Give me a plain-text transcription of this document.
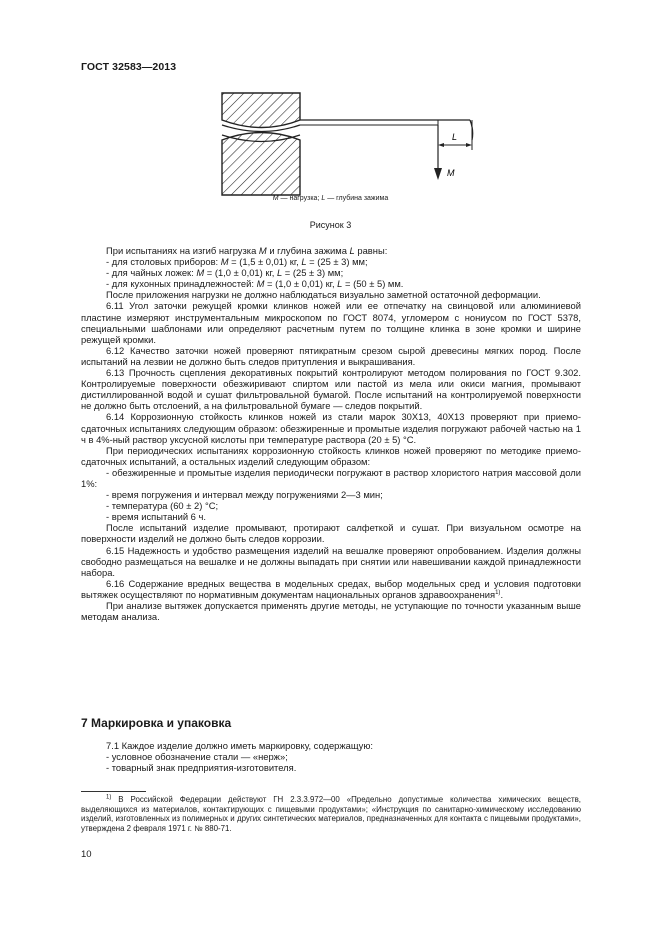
ГОСТ 32583—2013
L
M
M — нагрузка; L — глубина зажима
Рисунок 3

При испытаниях на изгиб нагрузка M и глубина зажима L равны:

- для столовых приборов: M = (1,5 ± 0,01) кг, L = (25 ± 3) мм;

- для чайных ложек: M = (1,0 ± 0,01) кг, L = (25 ± 3) мм;

- для кухонных принадлежностей: M = (1,0 ± 0,01) кг, L = (50 ± 5) мм.

После приложения нагрузки не должно наблюдаться визуально заметной остаточной деформации.

6.11 Угол заточки режущей кромки клинков ножей или ее отпечатку на свинцовой или алюминиевой пластине измеряют инструментальным микроскопом по ГОСТ 8074, угломером с нониусом по ГОСТ 5378, специальными шаблонами или определяют расчетным путем по толщине клинка в зоне кромки и ширине режущей кромки.

6.12 Качество заточки ножей проверяют пятикратным срезом сырой древесины мягких пород. После испытаний на лезвии не должно быть следов притупления и выкрашивания.

6.13 Прочность сцепления декоративных покрытий контролируют методом полирования по ГОСТ 9.302. Контролируемые поверхности обезжиривают спиртом или пастой из мела или окиси магния, промывают дистиллированной водой и сушат фильтровальной бумагой. После испытаний на контролируемой поверхности не должно быть отслоений, а на фильтровальной бумаге — следов покрытий.

6.14 Коррозионную стойкость клинков ножей из стали марок 30Х13, 40Х13 проверяют при приемо-сдаточных испытаниях следующим образом: обезжиренные и промытые изделия погружают рабочей частью на 1 ч в 4%-ный раствор уксусной кислоты при температуре раствора (20 ± 5) °С.

При периодических испытаниях коррозионную стойкость клинков ножей проверяют по методике приемо-сдаточных испытаний, а остальных изделий следующим образом:

- обезжиренные и промытые изделия периодически погружают в раствор хлористого натрия массовой доли 1%:

- время погружения и интервал между погружениями 2—3 мин;

- температура (60 ± 2) °С;

- время испытаний 6 ч.

После испытаний изделие промывают, протирают салфеткой и сушат. При визуальном осмотре на поверхности изделий не должно быть следов коррозии.

6.15 Надежность и удобство размещения изделий на вешалке проверяют опробованием. Изделия должны свободно размещаться на вешалке и не должны выпадать при снятии или навешивании каждой принадлежности набора.

6.16 Содержание вредных вещества в модельных средах, выбор модельных сред и условия подготовки вытяжек осуществляют по нормативным документам национальных органов здравоохранения$^{1)}$.

При анализе вытяжек допускается применять другие методы, не уступающие по точности указанным выше методам анализа.

7 Маркировка и упаковка

7.1 Каждое изделие должно иметь маркировку, содержащую:

- условное обозначение стали — «нерж»;

- товарный знак предприятия-изготовителя.

$^{1)}$ В Российской Федерации действуют ГН 2.3.3.972—00 «Предельно допустимые количества химических веществ, выделяющихся из материалов, контактирующих с пищевыми продуктами»; «Инструкция по санитарно-химическому исследованию изделий, изготовленных из полимерных и других синтетических материалов, предназначенных для контакта с пищевыми продуктами», утверждена 2 февраля 1971 г. № 880-71.
10
